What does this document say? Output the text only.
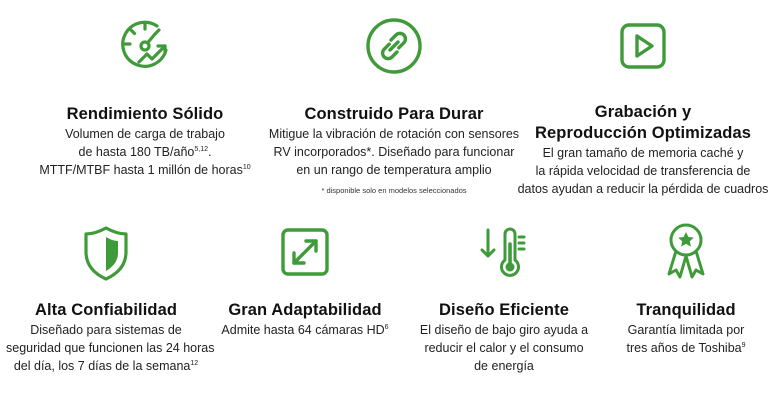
Rendimiento Sólido
Volumen de carga de trabajo
de hasta 180 TB/año$^{5,12}$.
MTTF/MTBF hasta 1 millón de horas$^{10}$
Construido Para Durar
Mitigue la vibración de rotación con sensores
RV incorporados*. Diseñado para funcionar
en un rango de temperatura amplio
* disponible solo en modelos seleccionados
Grabación y
Reproducción Optimizadas
El gran tamaño de memoria caché y
la rápida velocidad de transferencia de
datos ayudan a reducir la pérdida de cuadros
Alta Confiabilidad
Diseñado para sistemas de
seguridad que funcionen las 24 horas
del día, los 7 días de la semana$^{12}$
Gran Adaptabilidad
Admite hasta 64 cámaras $HD^6$
Diseño Eficiente
El diseño de bajo giro ayuda a
reducir el calor y el consumo
de energía
Tranquilidad
Garantía limitada por
tres años de Toshiba$^9$
